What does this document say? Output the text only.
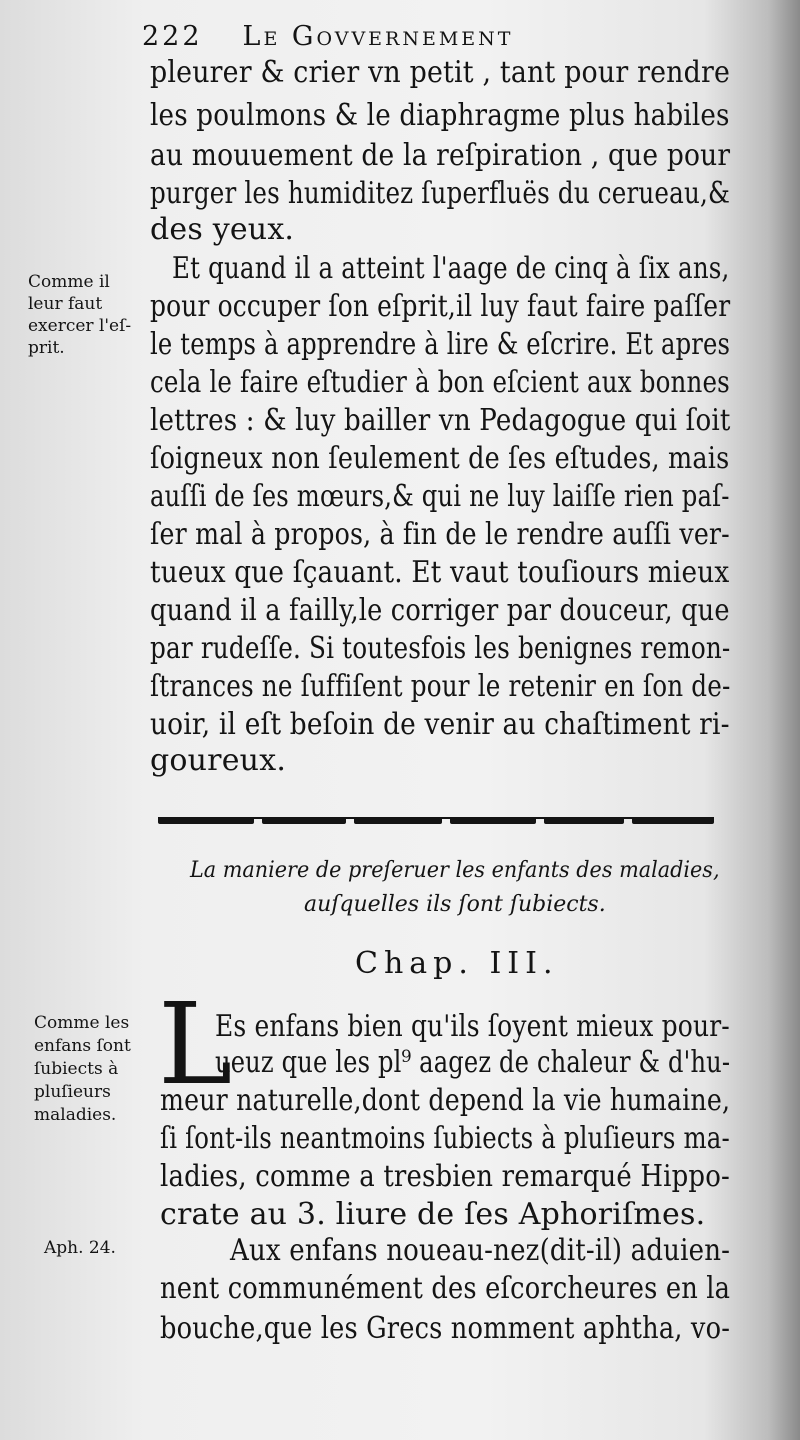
222 Le Govvernement
pleurer & crier vn petit , tant pour rendre
les poulmons & le diaphragme plus habiles
au mouuement de la reſpiration , que pour
purger les humiditez ſuperfluës du cerueau,&
des yeux.
Comme il
leur faut
exercer l'eſ-
prit.
Et quand il a atteint l'aage de cinq à ſix ans,
pour occuper ſon eſprit,il luy faut faire paſſer
le temps à apprendre à lire & eſcrire. Et apres
cela le faire eſtudier à bon eſcient aux bonnes
lettres : & luy bailler vn Pedagogue qui ſoit
ſoigneux non ſeulement de ſes eſtudes, mais
auſſi de ſes mœurs,& qui ne luy laiſſe rien paſ-
ſer mal à propos, à fin de le rendre auſſi ver-
tueux que ſçauant. Et vaut touſiours mieux
quand il a failly,le corriger par douceur, que
par rudeſſe. Si toutesfois les benignes remon-
ſtrances ne ſuffiſent pour le retenir en ſon de-
uoir, il eſt beſoin de venir au chaſtiment ri-
goureux.
La maniere de preſeruer les enfants des maladies,
auſquelles ils ſont ſubiects.
Chap. III.
Comme les
enfans ſont
ſubiects à
pluſieurs
maladies.
L
Es enfans bien qu'ils ſoyent mieux pour-
ueuz que les pl⁹ aagez de chaleur & d'hu-
meur naturelle,dont depend la vie humaine,
ſi ſont-ils neantmoins ſubiects à pluſieurs ma-
ladies, comme a tresbien remarqué Hippo-
crate au 3. liure de ſes Aphoriſmes.
Aph. 24.	Aux enfans noueau-nez(dit-il) aduien-
nent communément des eſcorcheures en la
bouche,que les Grecs nomment aphtha, vo-
